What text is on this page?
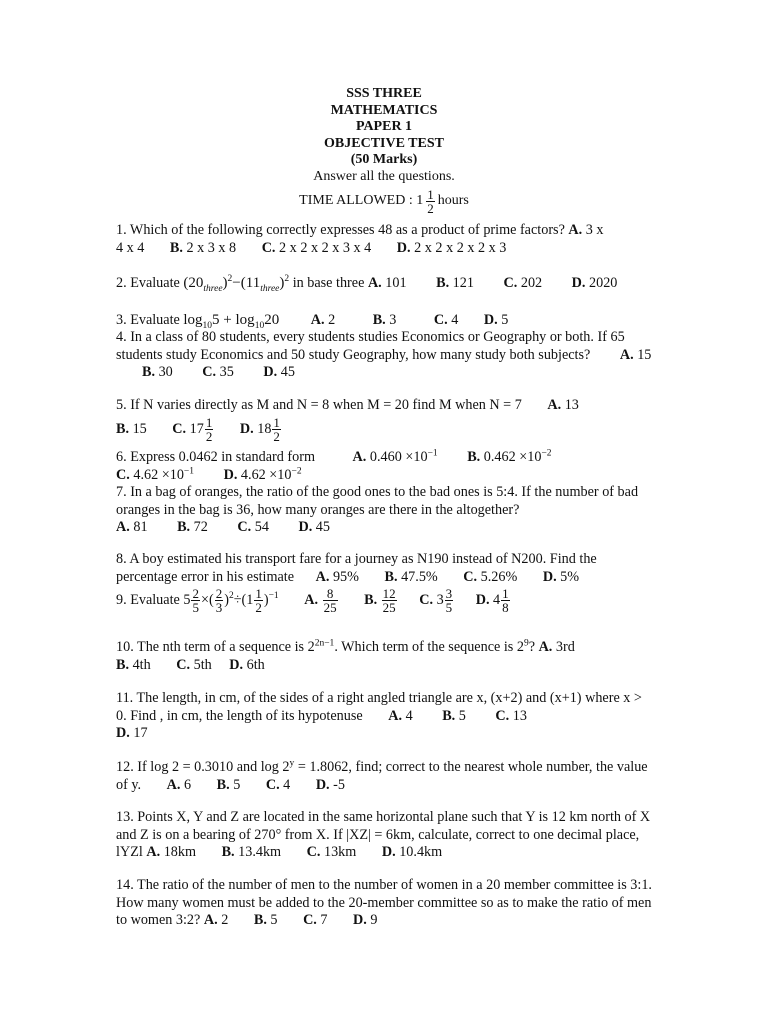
SSS THREE
MATHEMATICS
PAPER 1
OBJECTIVE TEST
(50 Marks)
Answer all the questions.
TIME ALLOWED : $1 \frac{1}{2}$ hours
1. Which of the following correctly expresses 48 as a product of prime factors? A. 3 x
4 x 4 B. 2 x 3 x 8 C. 2 x 2 x 2 x 3 x 4 D. 2 x 2 x 2 x 2 x 3
2. Evaluate $(20_{three})^2-(11_{three})^2$ in base three A. 101 B. 121 C. 202 D. 2020
3. Evaluate $\log_{10}5 + \log_{10}20$ A. 2	B. 3	C. 4 D. 5
4. In a class of 80 students, every students studies Economics or Geography or both. If 65 students study Economics and 50 study Geography, how many study both subjects? A. 15 B. 30 C. 35 D. 45
5. If N varies directly as M and N = 8 when M = 20 find M when N = 7 A. 13
B. 15 C. $17 \frac{1}{2} D$. $18 \frac{1}{2}$
6. Express 0.0462 in standard form	A. $0.460 \times 10^{-1}$ B. $0.462 \times 10^{-2}$
C. $4.62 \times 10^{-1}$ D. $4.62 \times 10^{-2}$
7. In a bag of oranges, the ratio of the good ones to the bad ones is 5:4. If the number of bad oranges in the bag is 36, how many oranges are there in the altogether?
A. 81 B. 72 C. 54 D. 45
8. A boy estimated his transport fare for a journey as N190 instead of N200. Find the percentage error in his estimate A. 95% B. 47.5% C. 5.26% D. 5%
9. Evaluate $5 \frac{2}{5}$ ×( $\frac{2}{3} )^2\div(1 \frac{1}{2} )^{-1}$ A. $\frac{8}{25} B$. $\frac{12}{25} C$. $3 \frac{3}{5} D$. $4 \frac{1}{8}$
10. The nth term of a sequence is $2^{2n-1}$. Which term of the sequence is $2^9$? A. 3rd
B. 4th C. 5th D. 6th
11. The length, in cm, of the sides of a right angled triangle are x, (x+2) and (x+1) where x > 0. Find , in cm, the length of its hypotenuse A. 4 B. 5 C. 13
D. 17
12. If log 2 = 0.3010 and $\log 2^y = 1.8062$, find; correct to the nearest whole number, the value of y. A. 6 B. 5 C. 4 D. -5
13. Points X, Y and Z are located in the same horizontal plane such that Y is 12 km north of X and Z is on a bearing of 270° from X. If |XZ| = 6km, calculate, correct to one decimal place, lYZl A. 18km B. 13.4km C. 13km D. 10.4km
14. The ratio of the number of men to the number of women in a 20 member committee is 3:1. How many women must be added to the 20-member committee so as to make the ratio of men to women 3:2? A. 2 B. 5 C. 7 D. 9
